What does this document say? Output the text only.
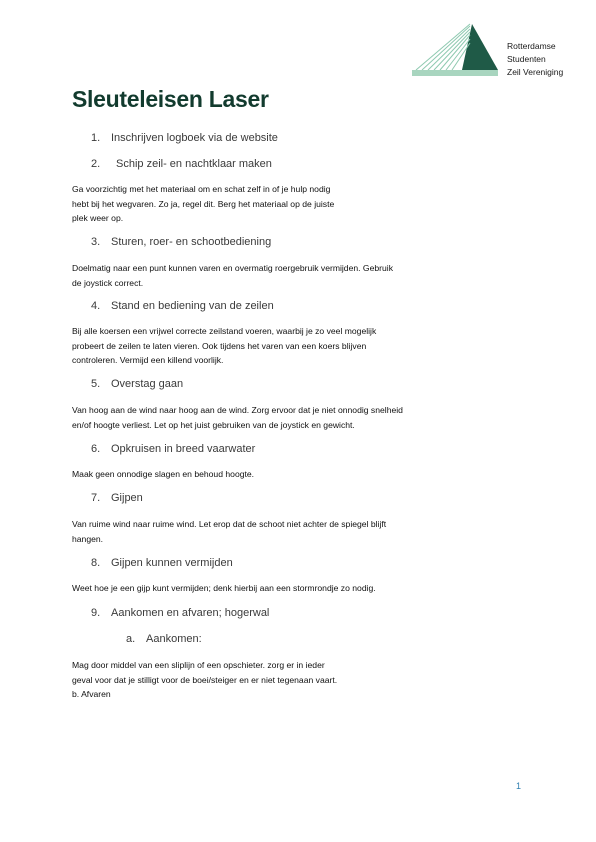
Rotterdamse
Studenten
Zeil Vereniging
Sleuteleisen Laser
1. Inschrijven logboek via de website
2. Schip zeil- en nachtklaar maken
Ga voorzichtig met het materiaal om en schat zelf in of je hulp nodig
hebt bij het wegvaren. Zo ja, regel dit. Berg het materiaal op de juiste
plek weer op.
3. Sturen, roer- en schootbediening
Doelmatig naar een punt kunnen varen en overmatig roergebruik vermijden. Gebruik
de joystick correct.
4. Stand en bediening van de zeilen
Bij alle koersen een vrijwel correcte zeilstand voeren, waarbij je zo veel mogelijk
probeert de zeilen te laten vieren. Ook tijdens het varen van een koers blijven
controleren. Vermijd een killend voorlijk.
5. Overstag gaan
Van hoog aan de wind naar hoog aan de wind. Zorg ervoor dat je niet onnodig snelheid
en/of hoogte verliest. Let op het juist gebruiken van de joystick en gewicht.
6. Opkruisen in breed vaarwater
Maak geen onnodige slagen en behoud hoogte.
7. Gijpen
Van ruime wind naar ruime wind. Let erop dat de schoot niet achter de spiegel blijft
hangen.
8. Gijpen kunnen vermijden
Weet hoe je een gijp kunt vermijden; denk hierbij aan een stormrondje zo nodig.
9. Aankomen en afvaren; hogerwal
a. Aankomen:
Mag door middel van een sliplijn of een opschieter. zorg er in ieder
geval voor dat je stilligt voor de boei/steiger en er niet tegenaan vaart.
b. Afvaren
1
